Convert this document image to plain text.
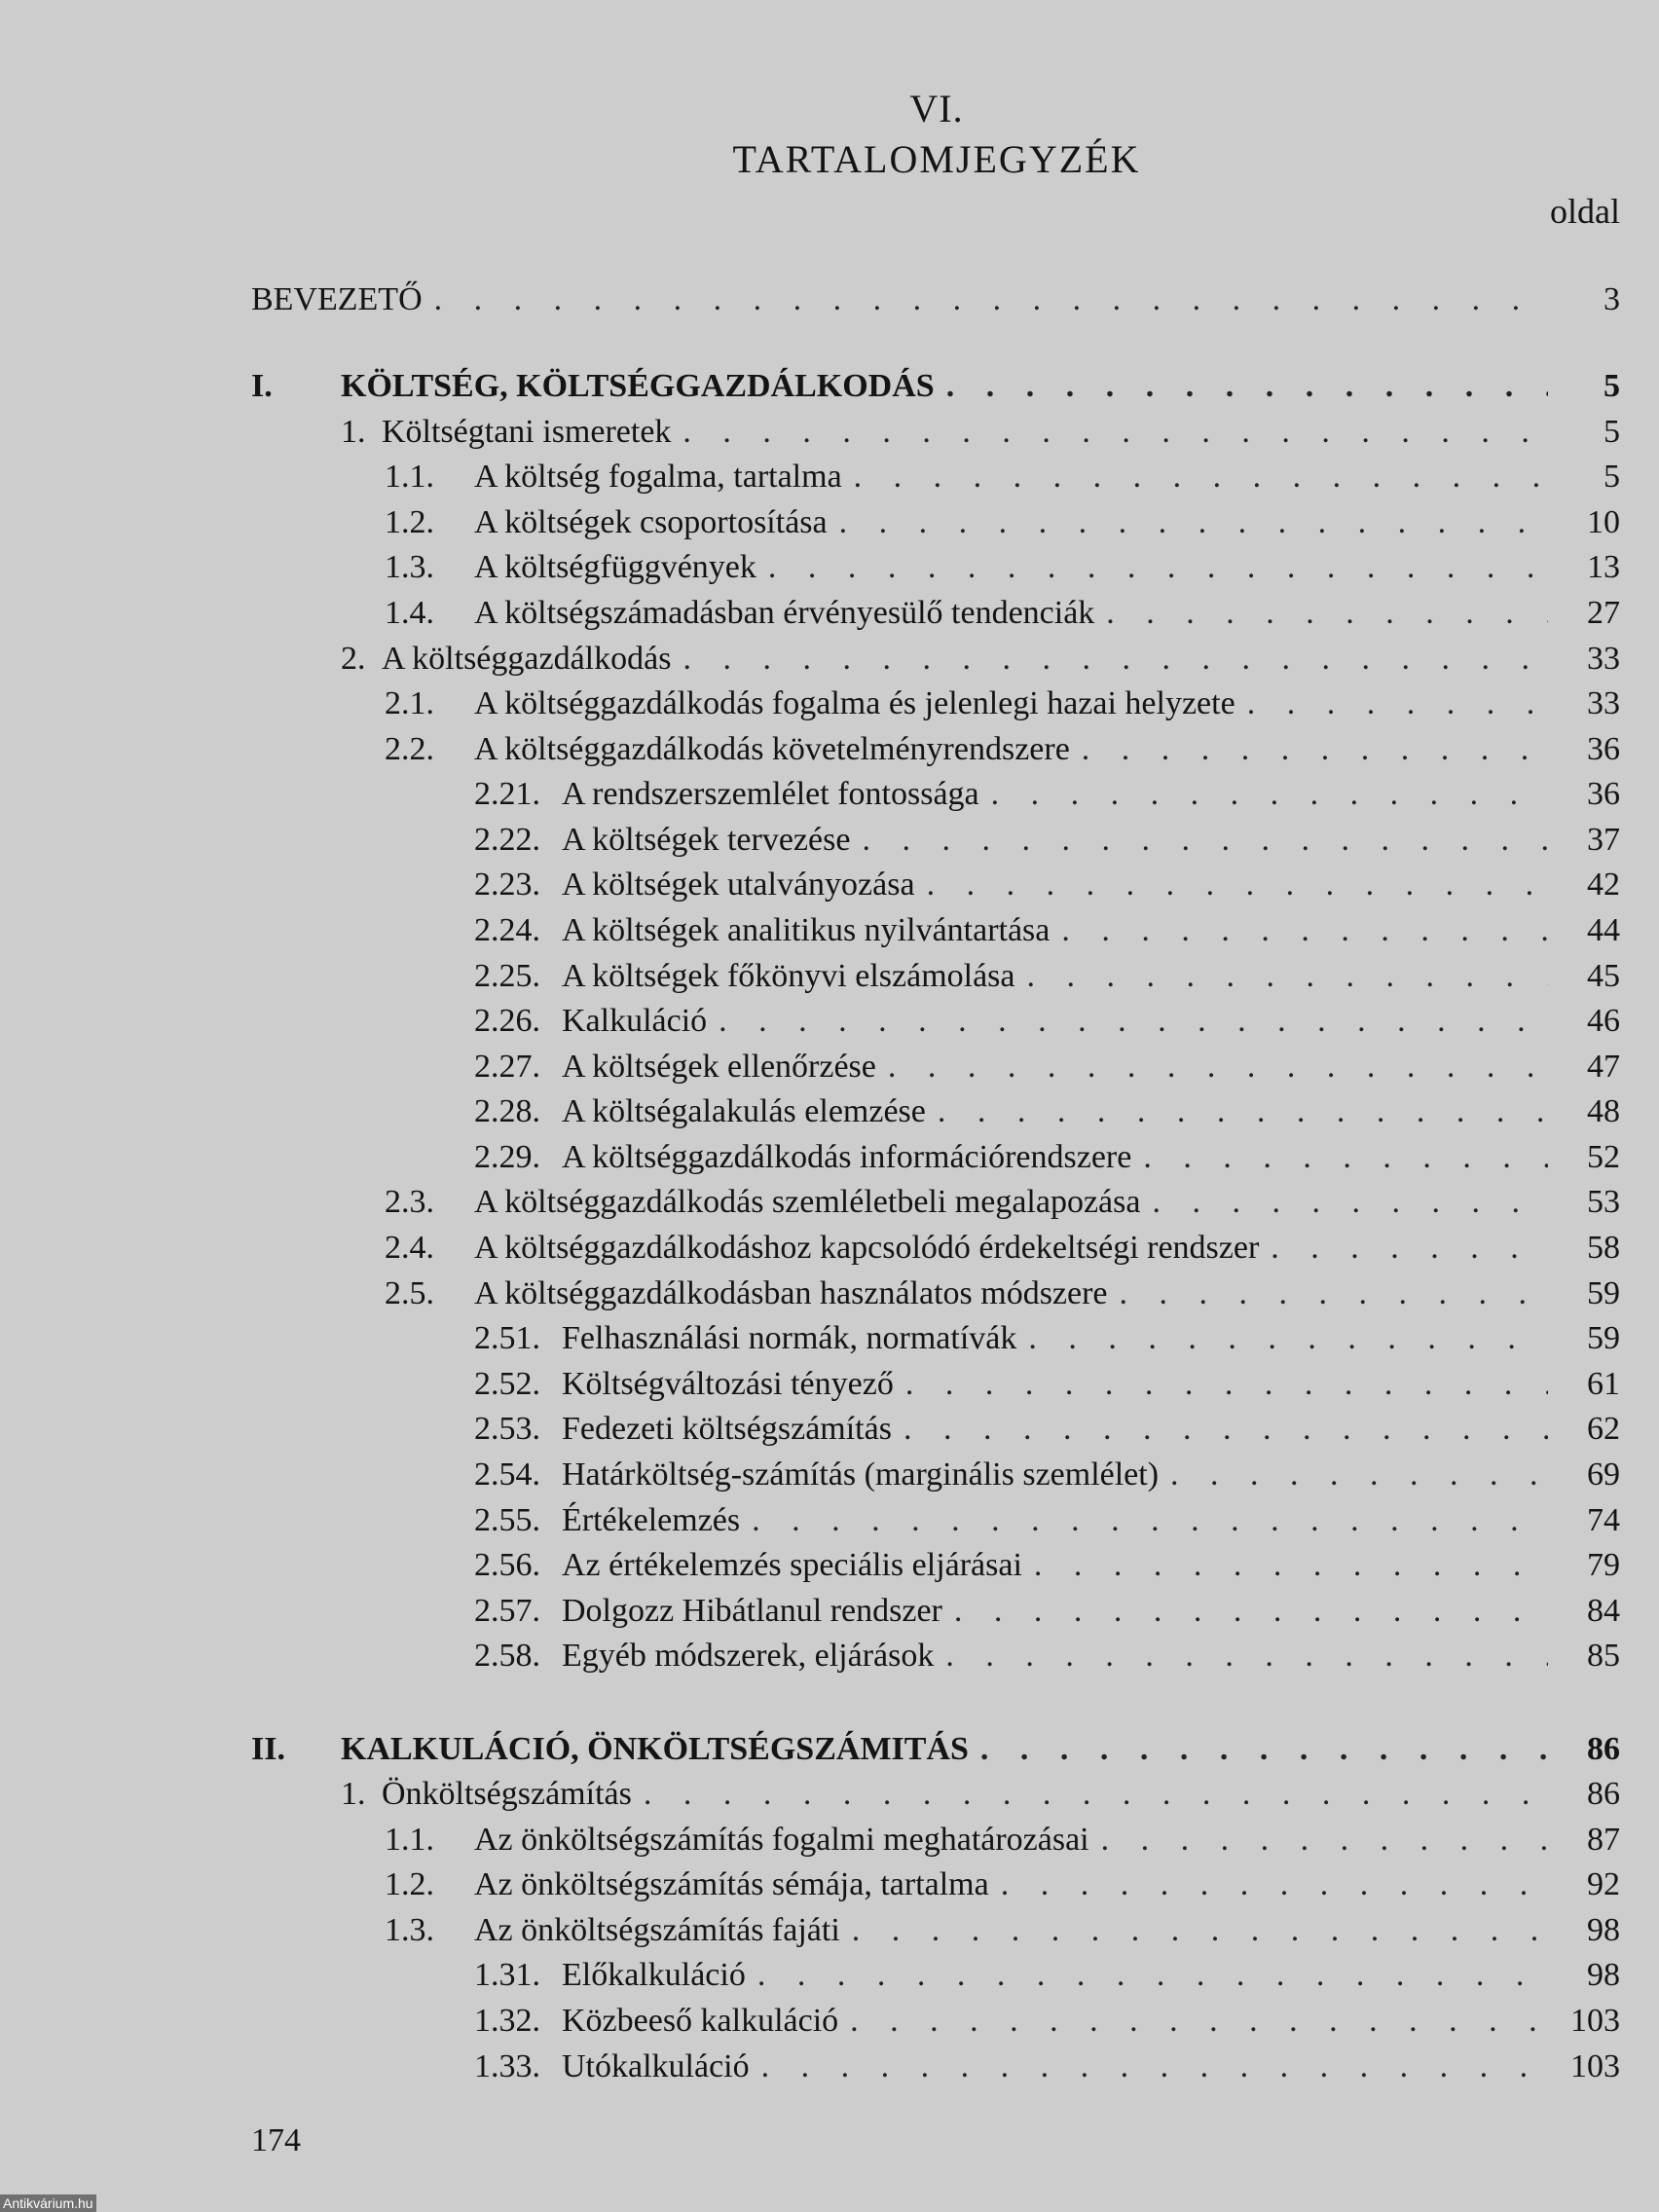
VI.
TARTALOMJEGYZÉK
oldal
BEVEZETŐ . . .	3
I. KÖLTSÉG, KÖLTSÉGGAZDÁLKODÁS . . .	5
1. Költségtani ismeretek . . .	5
1.1. A költség fogalma, tartalma . . .	5
1.2. A költségek csoportosítása . . .	10
1.3. A költségfüggvények . . .	13
1.4. A költségszámadásban érvényesülő tendenciák . . .	27
2. A költséggazdálkodás . . .	33
2.1. A költséggazdálkodás fogalma és jelenlegi hazai helyzete . . .	33
2.2. A költséggazdálkodás követelményrendszere . . .	36
2.21. A rendszerszemlélet fontossága . . .	36
2.22. A költségek tervezése . . .	37
2.23. A költségek utalványozása . . .	42
2.24. A költségek analitikus nyilvántartása . . .	44
2.25. A költségek főkönyvi elszámolása . . .	45
2.26. Kalkuláció . . .	46
2.27. A költségek ellenőrzése . . .	47
2.28. A költségalakulás elemzése . . .	48
2.29. A költséggazdálkodás információrendszere . . .	52
2.3. A költséggazdálkodás szemléletbeli megalapozása . . .	53
2.4. A költséggazdálkodáshoz kapcsolódó érdekeltségi rendszer . . .	58
2.5. A költséggazdálkodásban használatos módszere . . .	59
2.51. Felhasználási normák, normatívák . . .	59
2.52. Költségváltozási tényező . . .	61
2.53. Fedezeti költségszámítás . . .	62
2.54. Határköltség-számítás (marginális szemlélet) . . .	69
2.55. Értékelemzés . . .	74
2.56. Az értékelemzés speciális eljárásai . . .	79
2.57. Dolgozz Hibátlanul rendszer . . .	84
2.58. Egyéb módszerek, eljárások . . .	85
II. KALKULÁCIÓ, ÖNKÖLTSÉGSZÁMITÁS . . .	86
1. Önköltségszámítás . . .	86
1.1. Az önköltségszámítás fogalmi meghatározásai . . .	87
1.2. Az önköltségszámítás sémája, tartalma . . .	92
1.3. Az önköltségszámítás fajáti . . .	98
1.31. Előkalkuláció . . .	98
1.32. Közbeeső kalkuláció . . .	103
1.33. Utókalkuláció . . .	103
174
Antikvárium.hu
